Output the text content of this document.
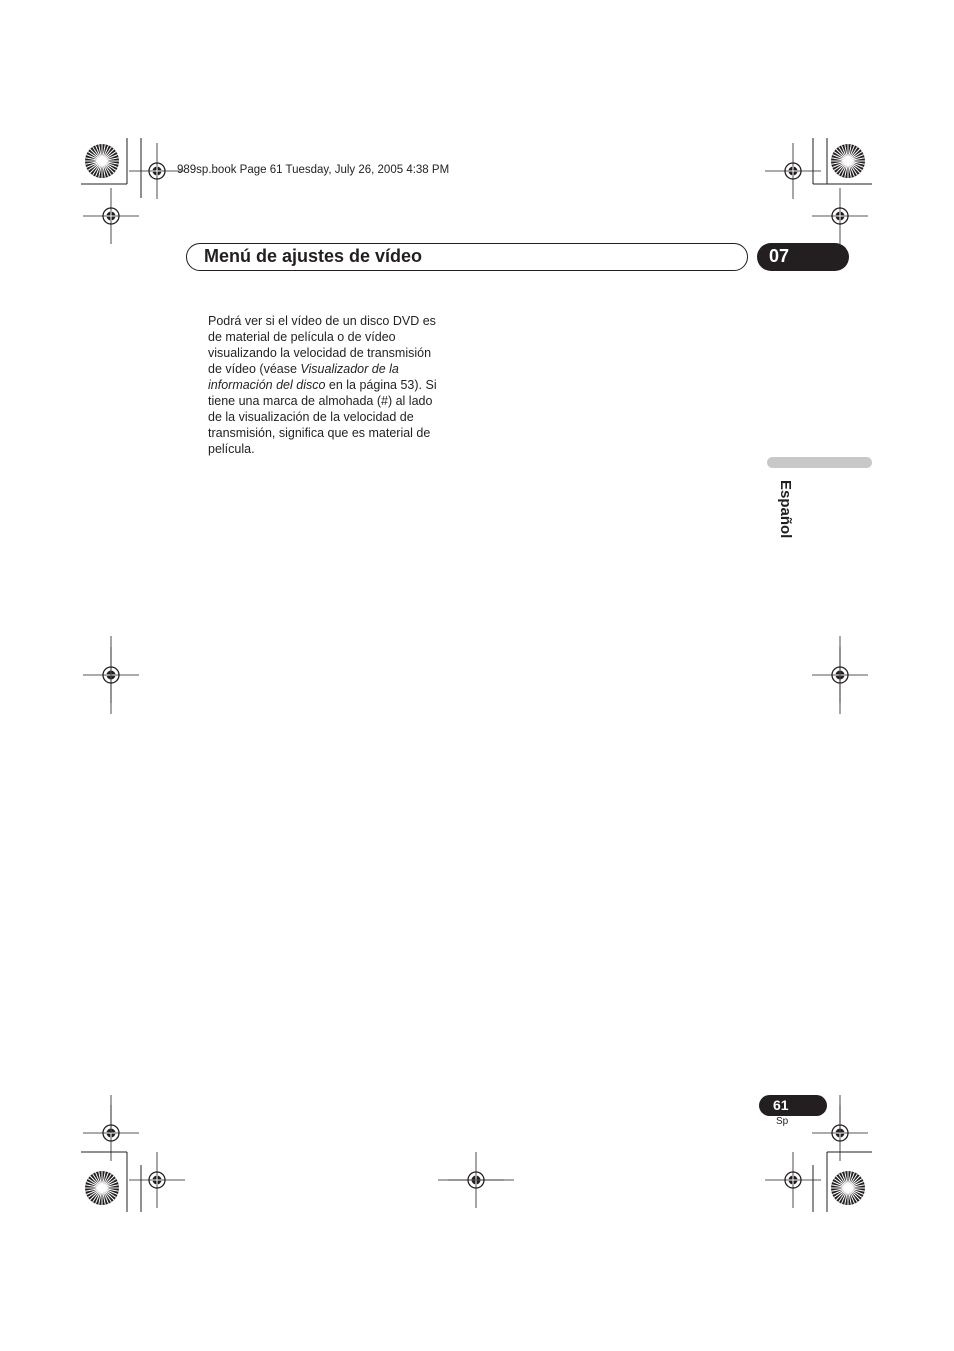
989sp.book Page 61 Tuesday, July 26, 2005 4:38 PM
Menú de ajustes de vídeo	07
Podrá ver si el vídeo de un disco DVD es
de material de película o de vídeo
visualizando la velocidad de transmisión
de vídeo (véase Visualizador de la
información del disco en la página 53). Si
tiene una marca de almohada (#) al lado
de la visualización de la velocidad de
transmisión, significa que es material de
película.
Español
61
Sp
